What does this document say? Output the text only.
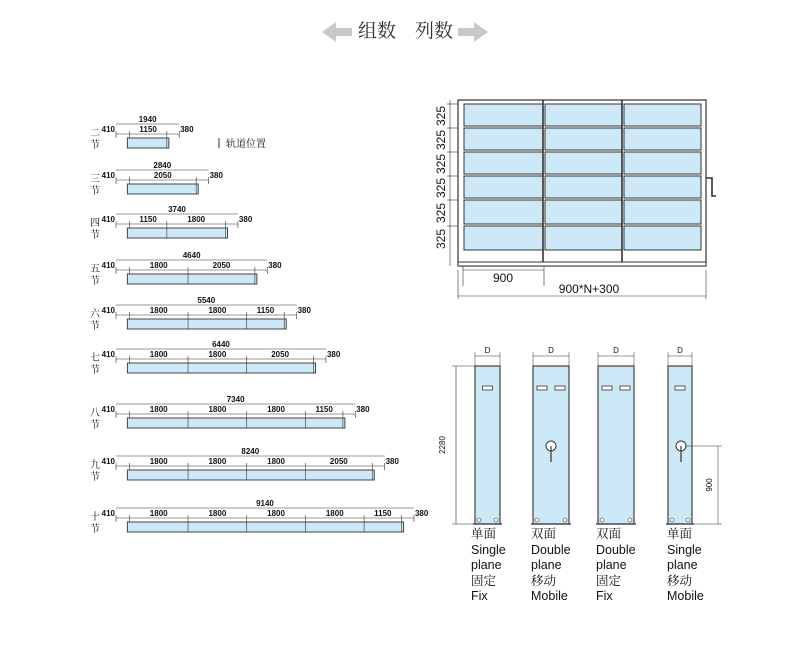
组数 列数
二
节
410	1150	380
1940
三
节
410	2050	380
2840
四
节
410	1150	1800	380
3740
五
节
410	1800	2050	380
4640
六
节
410	1800	1800	1150	380
5540
七
节
410	1800	1800	2050	380
6440
八
节
410	1800	1800	1800	1150	380
7340
九
节
410	1800	1800	1800	2050	380
8240
十
节
410	1800	1800	1800	1800	1150	380
9140
轨道位置
325
325
325
325
325
325
900
900*N+300
2280
D	D	D	D
900
单面
Single
plane
固定
Fix
双面
Double
plane
移动
Mobile
双面
Double
plane
固定
Fix
单面
Single
plane
移动
Mobile
